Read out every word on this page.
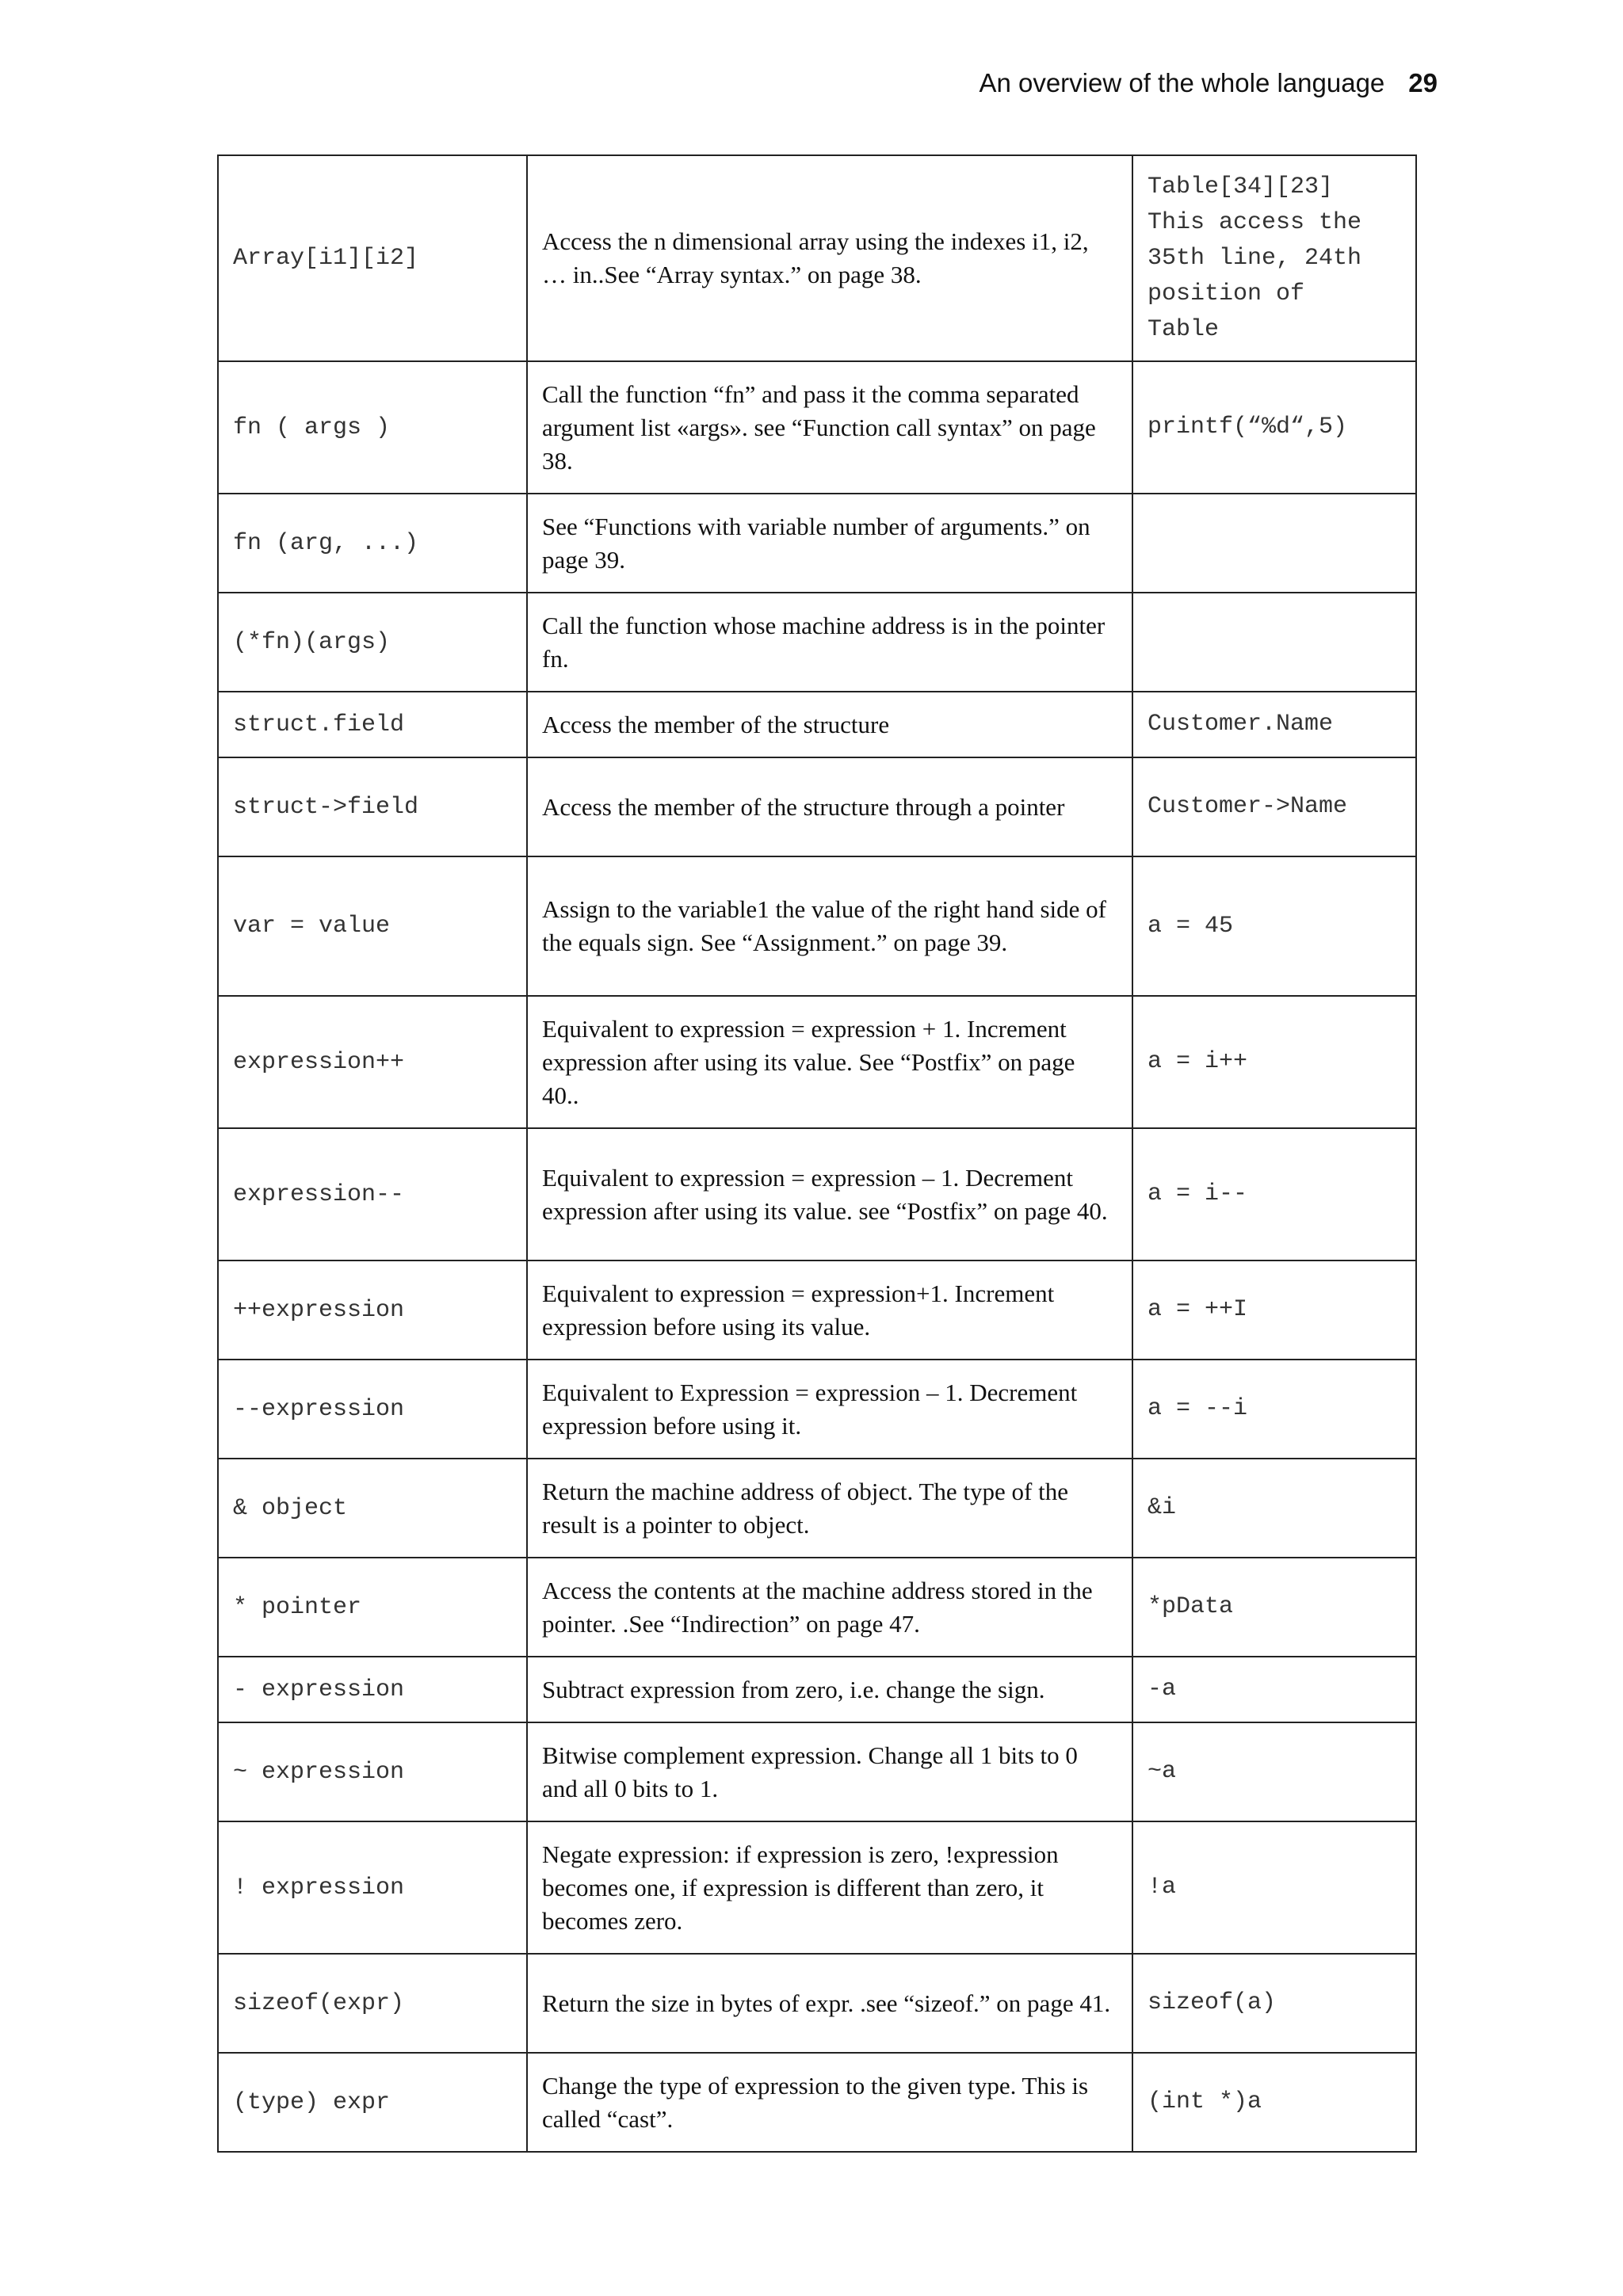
An overview of the whole language 29
Array[i1][i2]	Access the n dimensional array using the indexes i1, i2, … in..See “Array syntax.” on page 38.	Table[34][23]
This access the
35th line, 24th
position of
Table
fn ( args )	Call the function “fn” and pass it the comma separated argument list «args». see “Function call syntax” on page 38.	printf(“%d“,5)
fn (arg, ...)	See “Functions with variable number of arguments.” on page 39.	
(*fn)(args)	Call the function whose machine address is in the pointer fn.	
struct.field	Access the member of the structure	Customer.Name
struct->field	Access the member of the structure through a pointer	Customer->Name
var = value	Assign to the variable1 the value of the right hand side of the equals sign. See “Assignment.” on page 39.	a = 45
expression++	Equivalent to expression = expression + 1. Increment expression after using its value. See “Postfix” on page 40..	a = i++
expression--	Equivalent to expression = expression – 1. Decrement expression after using its value. see “Postfix” on page 40.	a = i--
++expression	Equivalent to expression = expression+1. Increment expression before using its value.	a = ++I
--expression	Equivalent to Expression = expression – 1. Decrement expression before using it.	a = --i
& object	Return the machine address of object. The type of the result is a pointer to object.	&i
* pointer	Access the contents at the machine address stored in the pointer. .See “Indirection” on page 47.	*pData
- expression	Subtract expression from zero, i.e. change the sign.	-a
~ expression	Bitwise complement expression. Change all 1 bits to 0 and all 0 bits to 1.	~a
! expression	Negate expression: if expression is zero, !expression becomes one, if expression is different than zero, it becomes zero.	!a
sizeof(expr)	Return the size in bytes of expr. .see “sizeof.” on page 41.	sizeof(a)
(type) expr	Change the type of expression to the given type. This is called “cast”.	(int *)a
